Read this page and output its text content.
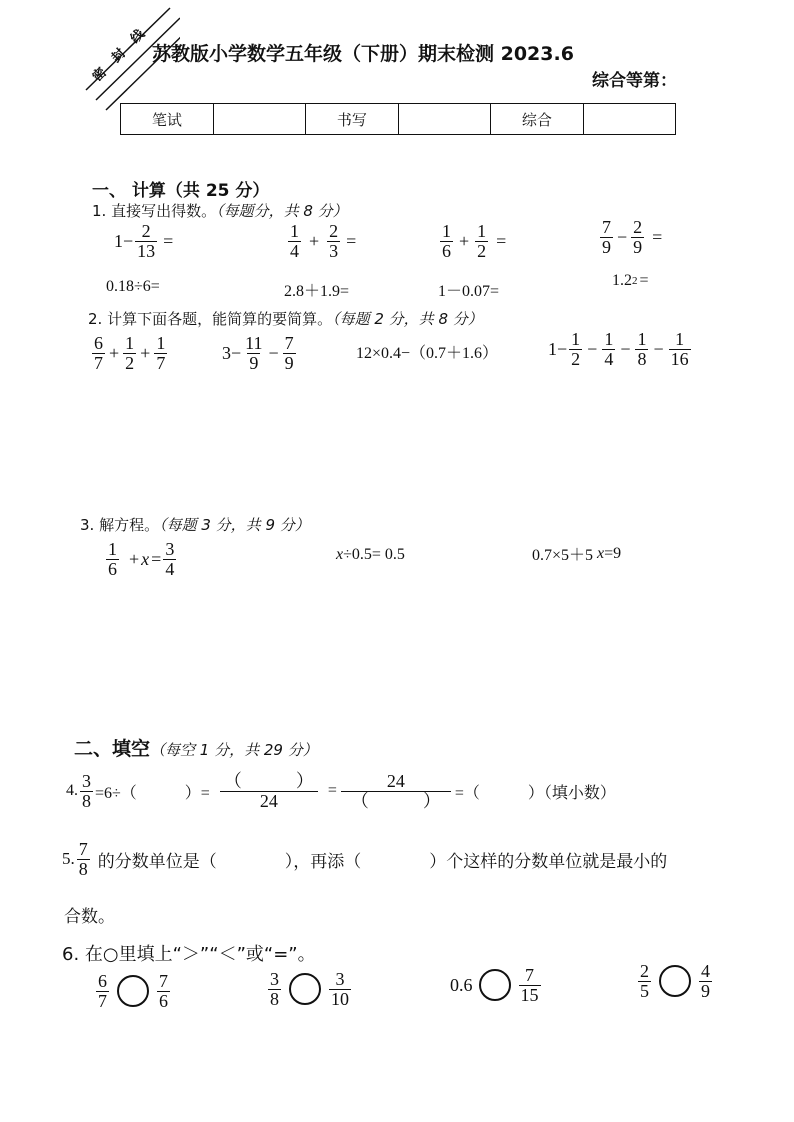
密封线
苏教版小学数学五年级（下册）期末检测 2023.6
综合等第：
笔试		书写		综合	
一、 计算（共 25 分）
1. 直接写出得数。（每题分，共 8 分）
$1 - \frac{2}{13}$ =	$\frac{1}{4} + \frac{2}{3}$ =	$\frac{1}{6} + \frac{1}{2}$ =	$\frac{7}{9} - \frac{2}{9}$ =
0.18÷6=	2.8＋1.9=	1－0.07=
1.2 2 =
2. 计算下面各题，能简算的要简算。（每题 2 分，共 8 分）
$\frac{6}{7} + \frac{1}{2} + \frac{1}{7}$	$3 - \frac{11}{9} - \frac{7}{9}$	12×0.4−（0.7＋1.6）	$1 - \frac{1}{2} - \frac{1}{4} - \frac{1}{8} - \frac{1}{16}$
3. 解方程。（每题 3 分，共 9 分）
$\frac{1}{6} + x = \frac{3}{4}$	x ÷0.5= 0.5	0.7×5＋5 x =9
二、填空（每空 1 分，共 29 分）
4. $\frac{3}{8} =6\div$（　　　）= $\frac{( )}{24} = \frac{24}{( )}$ =（　　　）（填小数）
5. $\frac{7}{8}$ 的分数单位是（　　　　），再添（　　　　）个这样的分数单位就是最小的
合数。
6. 在○里填上“＞”“＜”或“=”。
$\frac{6}{7}$	$\frac{7}{6}$	$\frac{3}{8}$	$\frac{3}{10}$	0.6	$\frac{7}{15}$	$\frac{2}{5}$	$\frac{4}{9}$
